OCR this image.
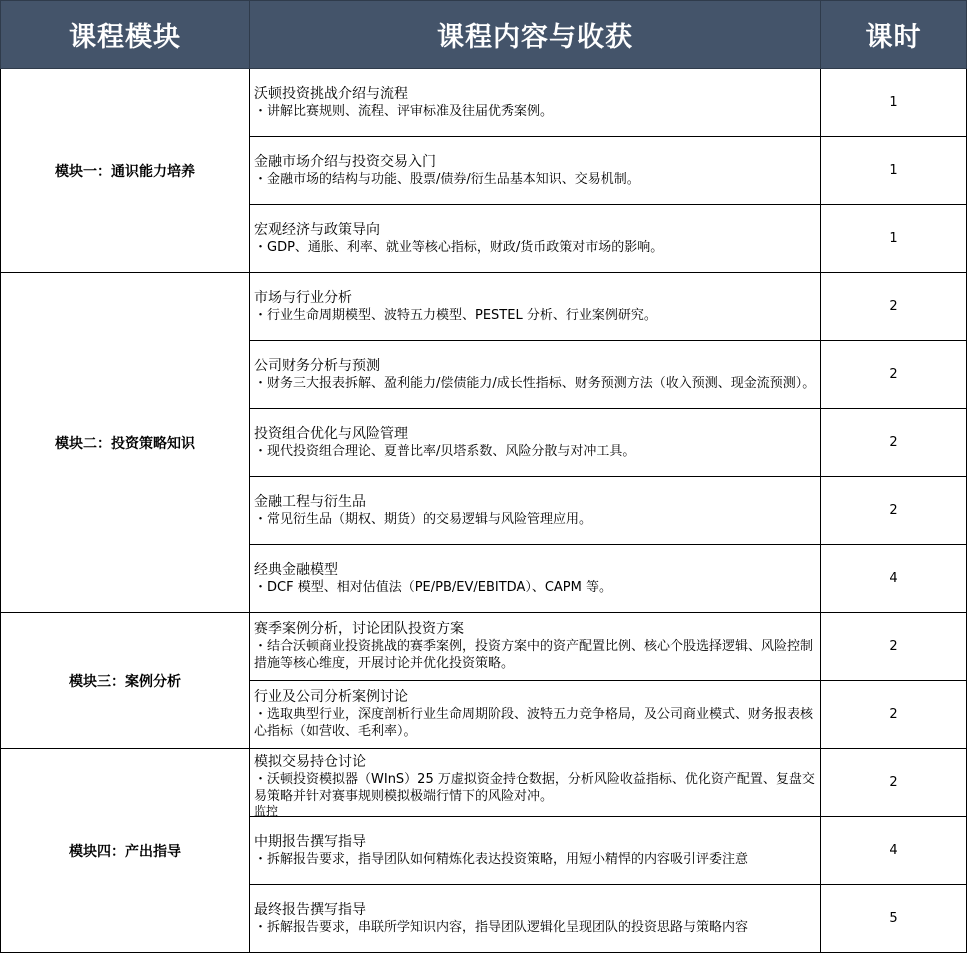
课程模块	课程内容与收获	课时
模块一：通识能力培养	沃顿投资挑战介绍与流程
・讲解比赛规则、流程、评审标准及往届优秀案例。	1

	金融市场介绍与投资交易入门
・金融市场的结构与功能、股票/债券/衍生品基本知识、交易机制。	1

	宏观经济与政策导向
・GDP、通胀、利率、就业等核心指标，财政/货币政策对市场的影响。	1
模块二：投资策略知识	市场与行业分析
・行业生命周期模型、波特五力模型、PESTEL 分析、行业案例研究。	2

	公司财务分析与预测
・财务三大报表拆解、盈利能力/偿债能力/成长性指标、财务预测方法（收入预测、现金流预测）。	2

	投资组合优化与风险管理
・现代投资组合理论、夏普比率/贝塔系数、风险分散与对冲工具。	2

	金融工程与衍生品
・常见衍生品（期权、期货）的交易逻辑与风险管理应用。	2

	经典金融模型
・DCF 模型、相对估值法（PE/PB/EV/EBITDA）、CAPM 等。	4
模块三：案例分析	赛季案例分析，讨论团队投资方案
・结合沃顿商业投资挑战的赛季案例，投资方案中的资产配置比例、核心个股选择逻辑、风险控制措施等核心维度，开展讨论并优化投资策略。	2

	行业及公司分析案例讨论
・选取典型行业，深度剖析行业生命周期阶段、波特五力竞争格局，及公司商业模式、财务报表核心指标（如营收、毛利率）。	2
模块四：产出指导	模拟交易持仓讨论
・沃顿投资模拟器（WInS）25 万虚拟资金持仓数据，分析风险收益指标、优化资产配置、复盘交易策略并针对赛事规则模拟极端行情下的风险对冲。
监控	2

	中期报告撰写指导
・拆解报告要求，指导团队如何精炼化表达投资策略，用短小精悍的内容吸引评委注意	4

	最终报告撰写指导
・拆解报告要求，串联所学知识内容，指导团队逻辑化呈现团队的投资思路与策略内容	5
